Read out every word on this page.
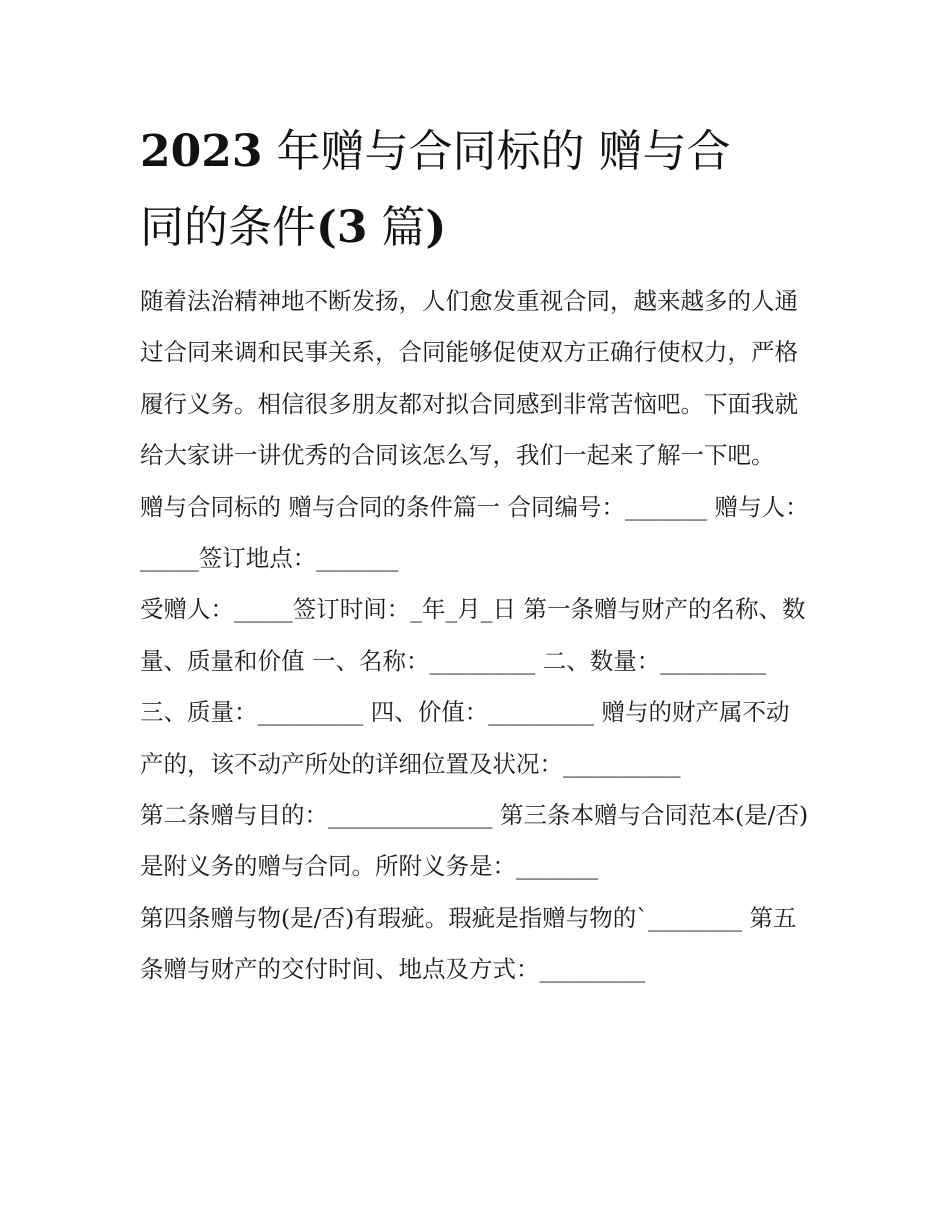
2023 年赠与合同标的 赠与合
同的条件(3 篇)

随着法治精神地不断发扬，人们愈发重视合同，越来越多的人通过合同来调和民事关系，合同能够促使双方正确行使权力，严格履行义务。相信很多朋友都对拟合同感到非常苦恼吧。下面我就给大家讲一讲优秀的合同该怎么写，我们一起来了解一下吧。

赠与合同标的 赠与合同的条件篇一 合同编号：_______ 赠与人：_____签订地点：_______

受赠人：_____签订时间：_年_月_日 第一条赠与财产的名称、数量、质量和价值 一、名称：_________ 二、数量：_________

三、质量：_________ 四、价值：_________ 赠与的财产属不动产的，该不动产所处的详细位置及状况：__________

第二条赠与目的：______________ 第三条本赠与合同范本(是/否)是附义务的赠与合同。所附义务是：_______

第四条赠与物(是/否)有瑕疵。瑕疵是指赠与物的`________ 第五条赠与财产的交付时间、地点及方式：_________
